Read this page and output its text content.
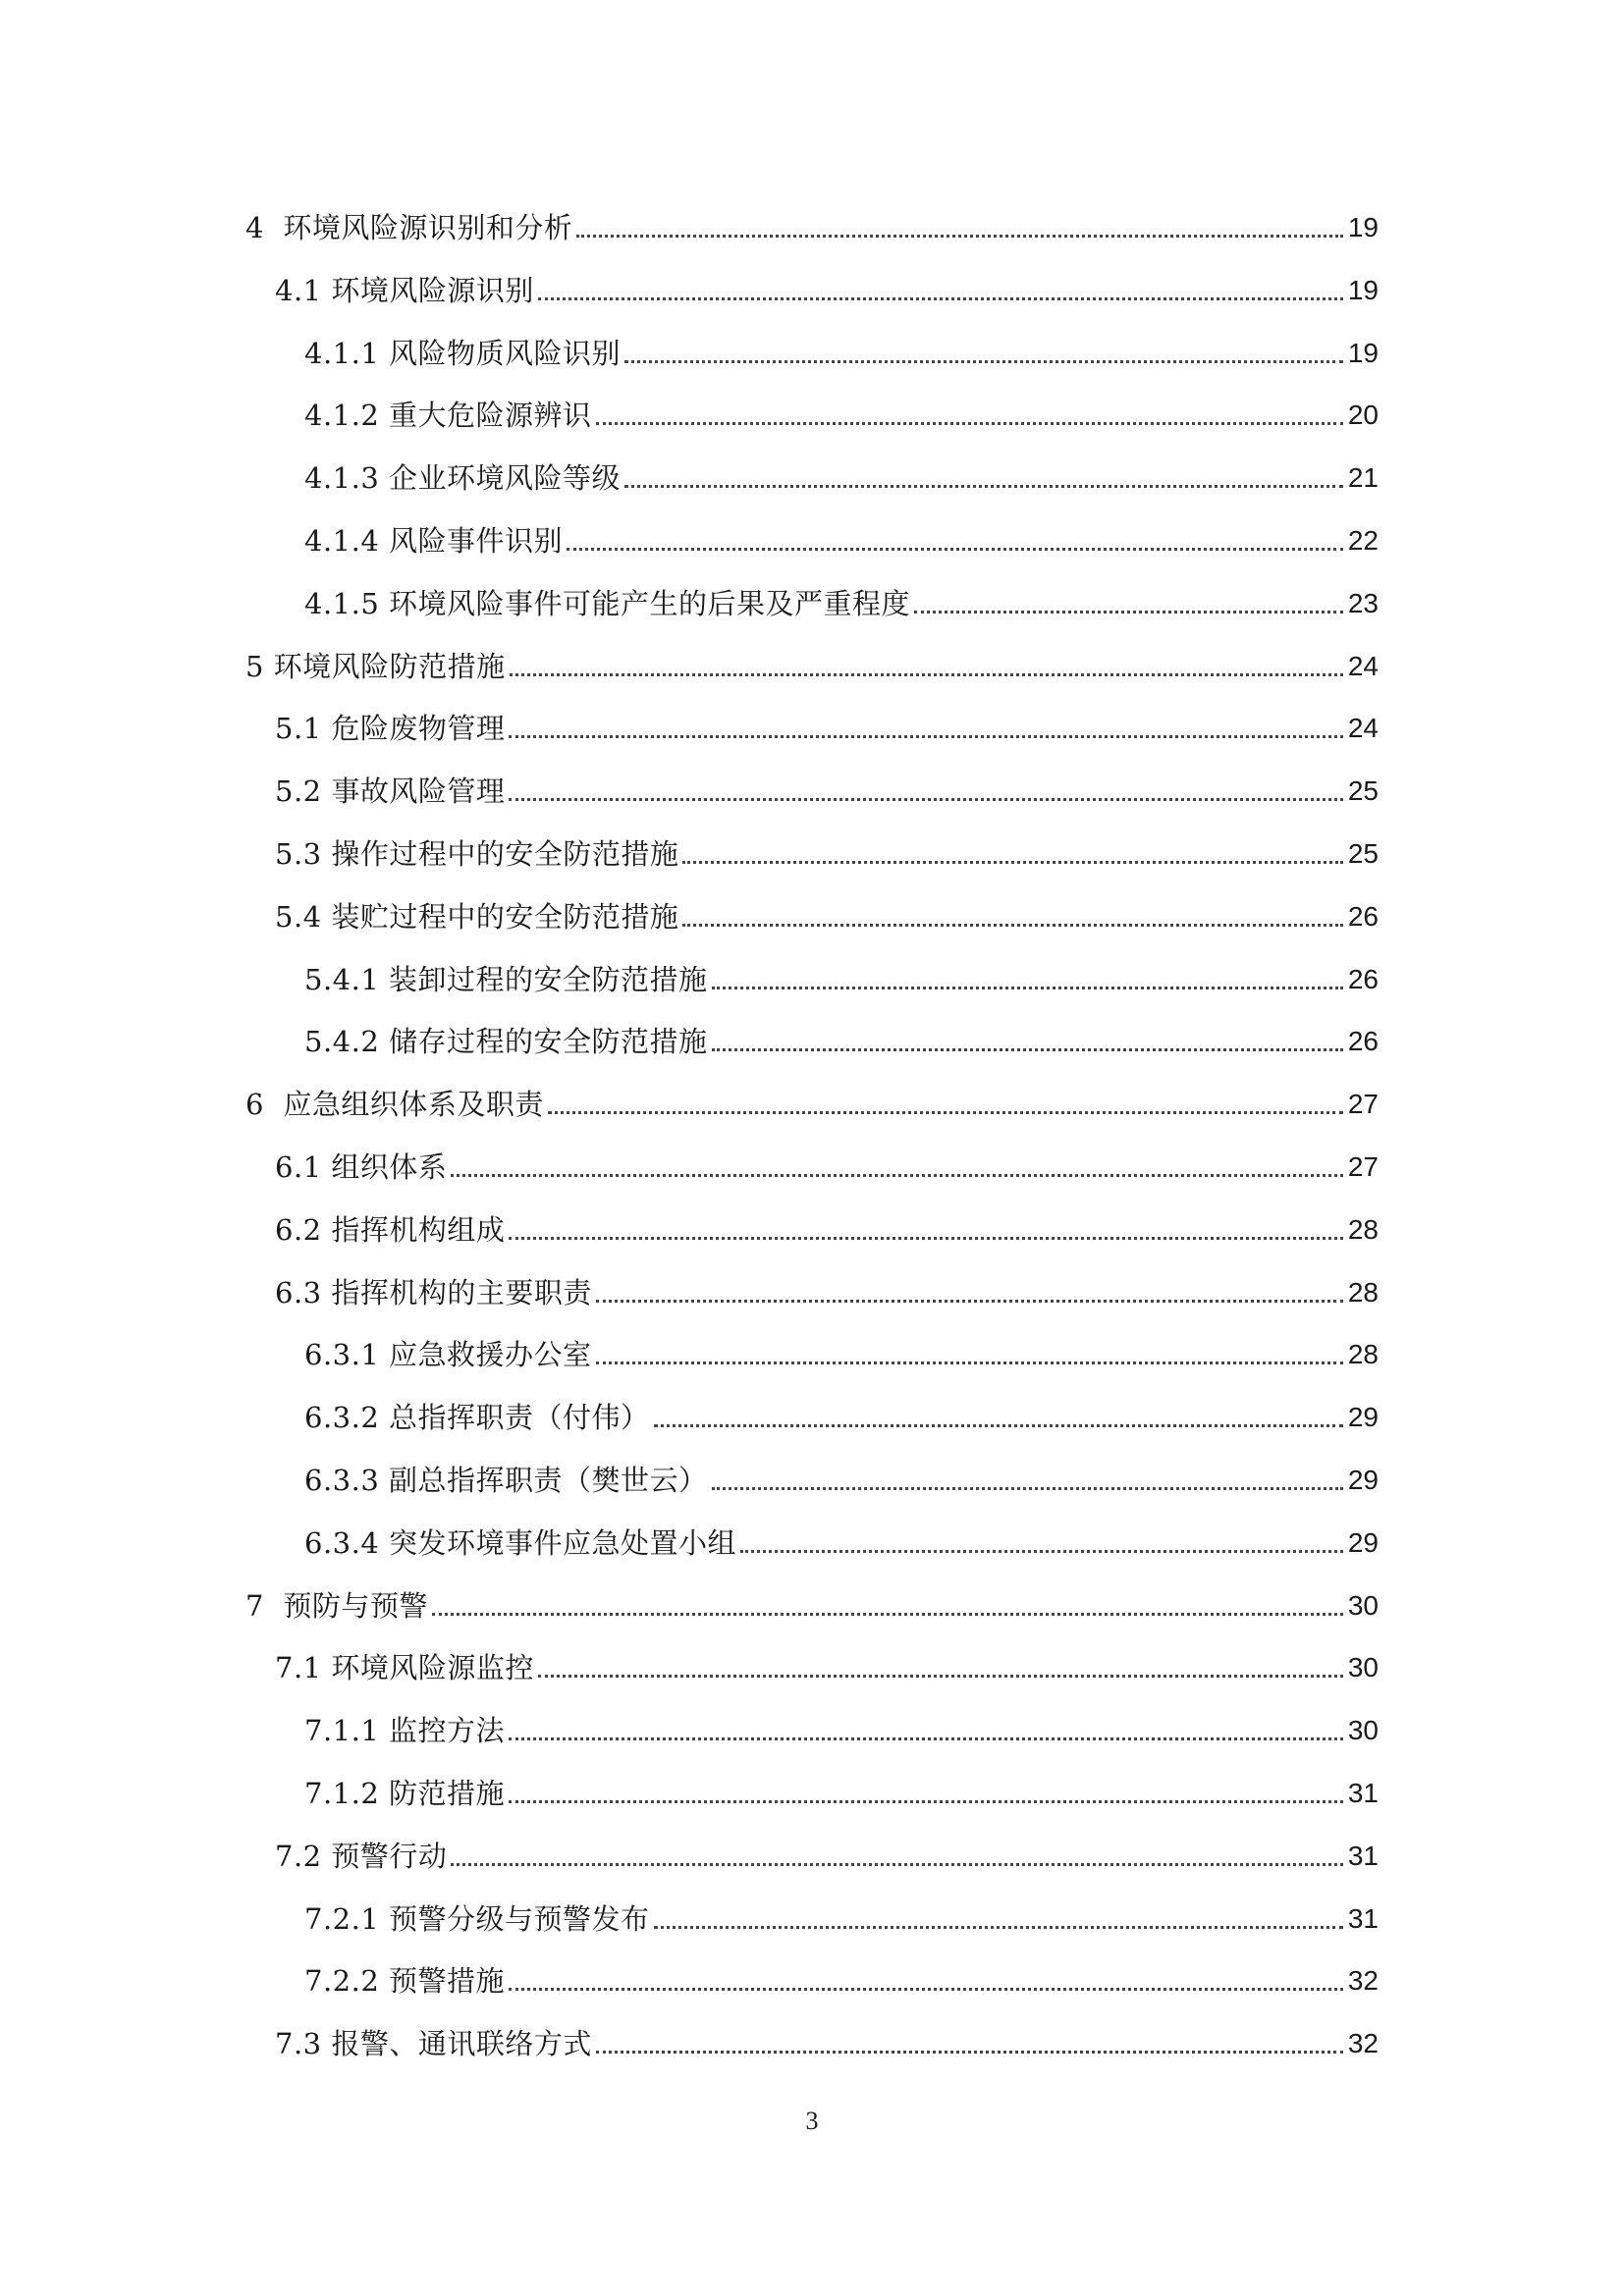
4  环境风险源识别和分析	19
4.1 环境风险源识别	19
4.1.1 风险物质风险识别	19
4.1.2 重大危险源辨识	20
4.1.3 企业环境风险等级	21
4.1.4 风险事件识别	22
4.1.5 环境风险事件可能产生的后果及严重程度	23
5 环境风险防范措施	24
5.1 危险废物管理	24
5.2 事故风险管理	25
5.3 操作过程中的安全防范措施	25
5.4 装贮过程中的安全防范措施	26
5.4.1 装卸过程的安全防范措施	26
5.4.2 储存过程的安全防范措施	26
6  应急组织体系及职责	27
6.1 组织体系	27
6.2 指挥机构组成	28
6.3 指挥机构的主要职责	28
6.3.1 应急救援办公室	28
6.3.2 总指挥职责（付伟）	29
6.3.3 副总指挥职责（樊世云）	29
6.3.4 突发环境事件应急处置小组	29
7  预防与预警	30
7.1 环境风险源监控	30
7.1.1 监控方法	30
7.1.2 防范措施	31
7.2 预警行动	31
7.2.1 预警分级与预警发布	31
7.2.2 预警措施	32
7.3 报警、通讯联络方式	32
3
